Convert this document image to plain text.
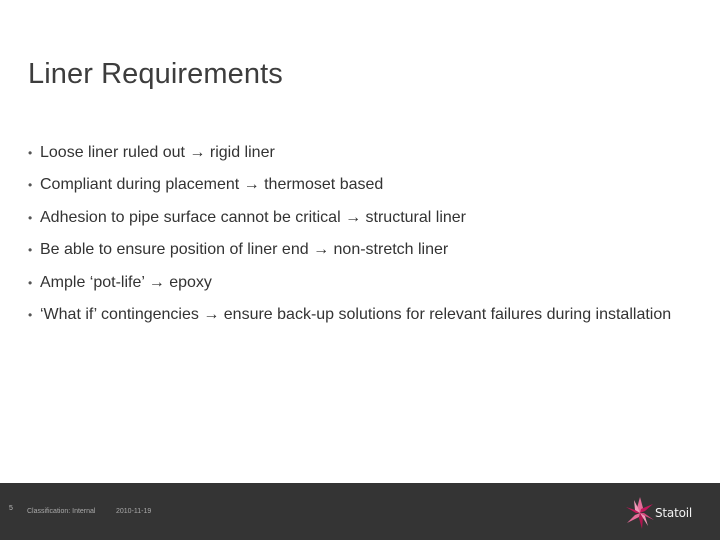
Liner Requirements
• Loose liner ruled out → rigid liner
• Compliant during placement → thermoset based
• Adhesion to pipe surface cannot be critical → structural liner
• Be able to ensure position of liner end → non-stretch liner
• Ample ‘pot-life’ → epoxy
• ‘What if’ contingencies → ensure back-up solutions for relevant failures during installation
5 Classification: Internal	2010-11-19	Statoil
